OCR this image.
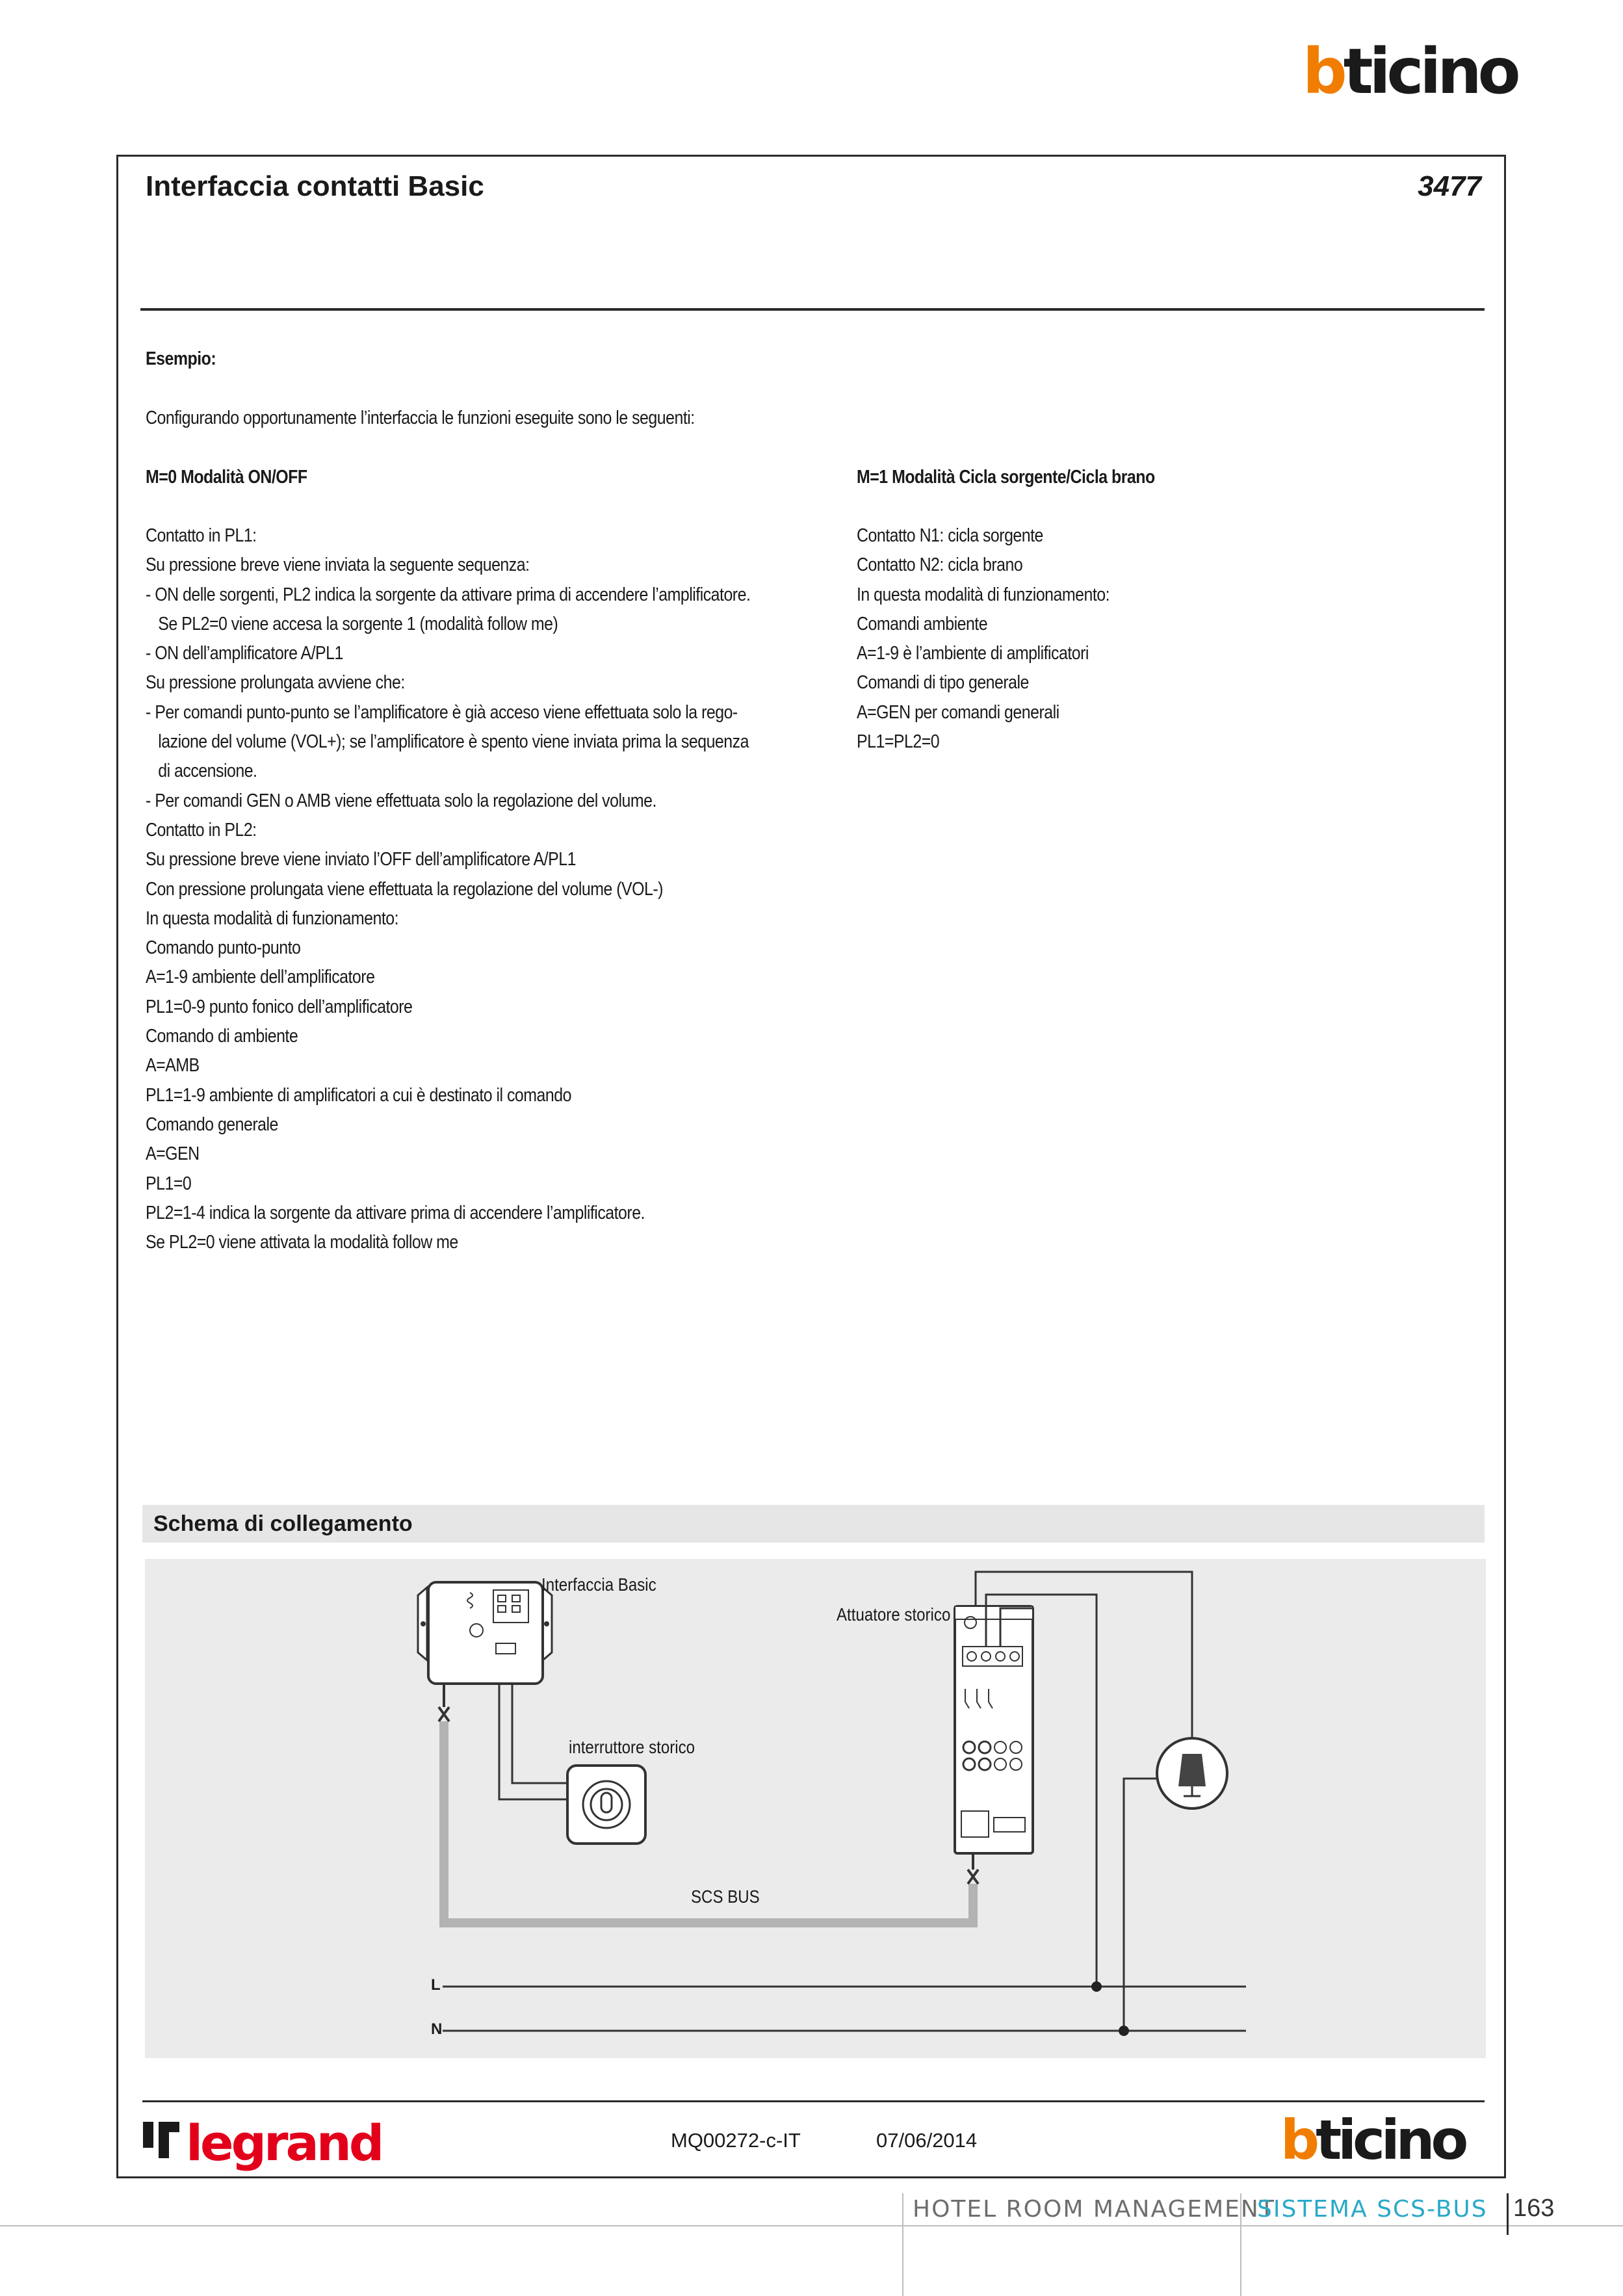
bticino
Interfaccia contatti Basic	3477
Esempio:
Configurando opportunamente l’interfaccia le funzioni eseguite sono le seguenti:
M=0 Modalità ON/OFF
Contatto in PL1:
Su pressione breve viene inviata la seguente sequenza:
- ON delle sorgenti, PL2 indica la sorgente da attivare prima di accendere l’amplificatore.
Se PL2=0 viene accesa la sorgente 1 (modalità follow me)
- ON dell’amplificatore A/PL1
Su pressione prolungata avviene che:
- Per comandi punto-punto se l’amplificatore è già acceso viene effettuata solo la rego-
lazione del volume (VOL+); se l’amplificatore è spento viene inviata prima la sequenza
di accensione.
- Per comandi GEN o AMB viene effettuata solo la regolazione del volume.
Contatto in PL2:
Su pressione breve viene inviato l’OFF dell’amplificatore A/PL1
Con pressione prolungata viene effettuata la regolazione del volume (VOL-)
In questa modalità di funzionamento:
Comando punto-punto
A=1-9 ambiente dell’amplificatore
PL1=0-9 punto fonico dell’amplificatore
Comando di ambiente
A=AMB
PL1=1-9 ambiente di amplificatori a cui è destinato il comando
Comando generale
A=GEN
PL1=0
PL2=1-4 indica la sorgente da attivare prima di accendere l’amplificatore.
Se PL2=0 viene attivata la modalità follow me
M=1 Modalità Cicla sorgente/Cicla brano
Contatto N1: cicla sorgente
Contatto N2: cicla brano
In questa modalità di funzionamento:
Comandi ambiente
A=1-9 è l’ambiente di amplificatori
Comandi di tipo generale
A=GEN per comandi generali
PL1=PL2=0
Schema di collegamento
Interfaccia Basic
Attuatore storico
interruttore storico
SCS BUS
L
N
legrand	MQ00272-c-IT	07/06/2014	bticino
HOTEL ROOM MANAGEMENT
SISTEMA SCS-BUS 163
